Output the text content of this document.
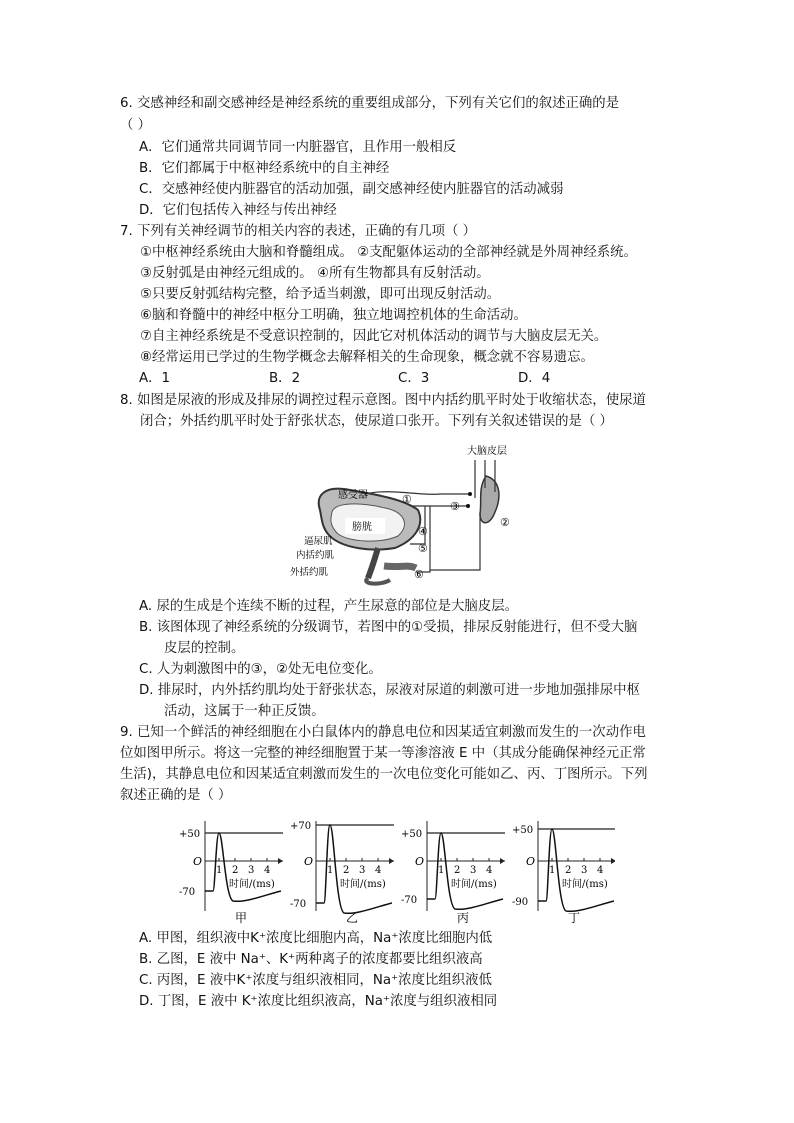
6. 交感神经和副交感神经是神经系统的重要组成部分，下列有关它们的叙述正确的是
（ ）
A．它们通常共同调节同一内脏器官，且作用一般相反
B．它们都属于中枢神经系统中的自主神经
C．交感神经使内脏器官的活动加强，副交感神经使内脏器官的活动减弱
D．它们包括传入神经与传出神经
7. 下列有关神经调节的相关内容的表述，正确的有几项（ ）
①中枢神经系统由大脑和脊髓组成。 ②支配躯体运动的全部神经就是外周神经系统。
③反射弧是由神经元组成的。 ④所有生物都具有反射活动。
⑤只要反射弧结构完整，给予适当刺激，即可出现反射活动。
⑥脑和脊髓中的神经中枢分工明确，独立地调控机体的生命活动。
⑦自主神经系统是不受意识控制的，因此它对机体活动的调节与大脑皮层无关。
⑧经常运用已学过的生物学概念去解释相关的生命现象，概念就不容易遗忘。
A．1	B．2	C．3	D．4
8. 如图是尿液的形成及排尿的调控过程示意图。图中内括约肌平时处于收缩状态，使尿道
闭合；外括约肌平时处于舒张状态，使尿道口张开。下列有关叙述错误的是（ ）
大脑皮层
感受器
膀胱
逼尿肌
内括约肌
外括约肌
①
②
③
④
⑤
⑥
A. 尿的生成是个连续不断的过程，产生尿意的部位是大脑皮层。
B. 该图体现了神经系统的分级调节，若图中的①受损，排尿反射能进行，但不受大脑
皮层的控制。
C. 人为刺激图中的③，②处无电位变化。
D. 排尿时，内外括约肌均处于舒张状态，尿液对尿道的刺激可进一步地加强排尿中枢
活动，这属于一种正反馈。
9. 已知一个鲜活的神经细胞在小白鼠体内的静息电位和因某适宜刺激而发生的一次动作电
位如图甲所示。将这一完整的神经细胞置于某一等渗溶液 E 中（其成分能确保神经元正常
生活)，其静息电位和因某适宜刺激而发生的一次电位变化可能如乙、丙、丁图所示。下列
叙述正确的是（ ）
+50
-70
O
1 2 3 4
时间/(ms)
甲
+70
-70
O
1 2 3 4
时间/(ms)
乙
+50
-70
O
1 2 3 4
时间/(ms)
丙
+50
-90
O
1 2 3 4
时间/(ms)
丁
A. 甲图，组织液中K⁺浓度比细胞内高，Na⁺浓度比细胞内低
B. 乙图，E 液中 Na⁺、K⁺两种离子的浓度都要比组织液高
C. 丙图，E 液中K⁺浓度与组织液相同，Na⁺浓度比组织液低
D. 丁图，E 液中 K⁺浓度比组织液高，Na⁺浓度与组织液相同
